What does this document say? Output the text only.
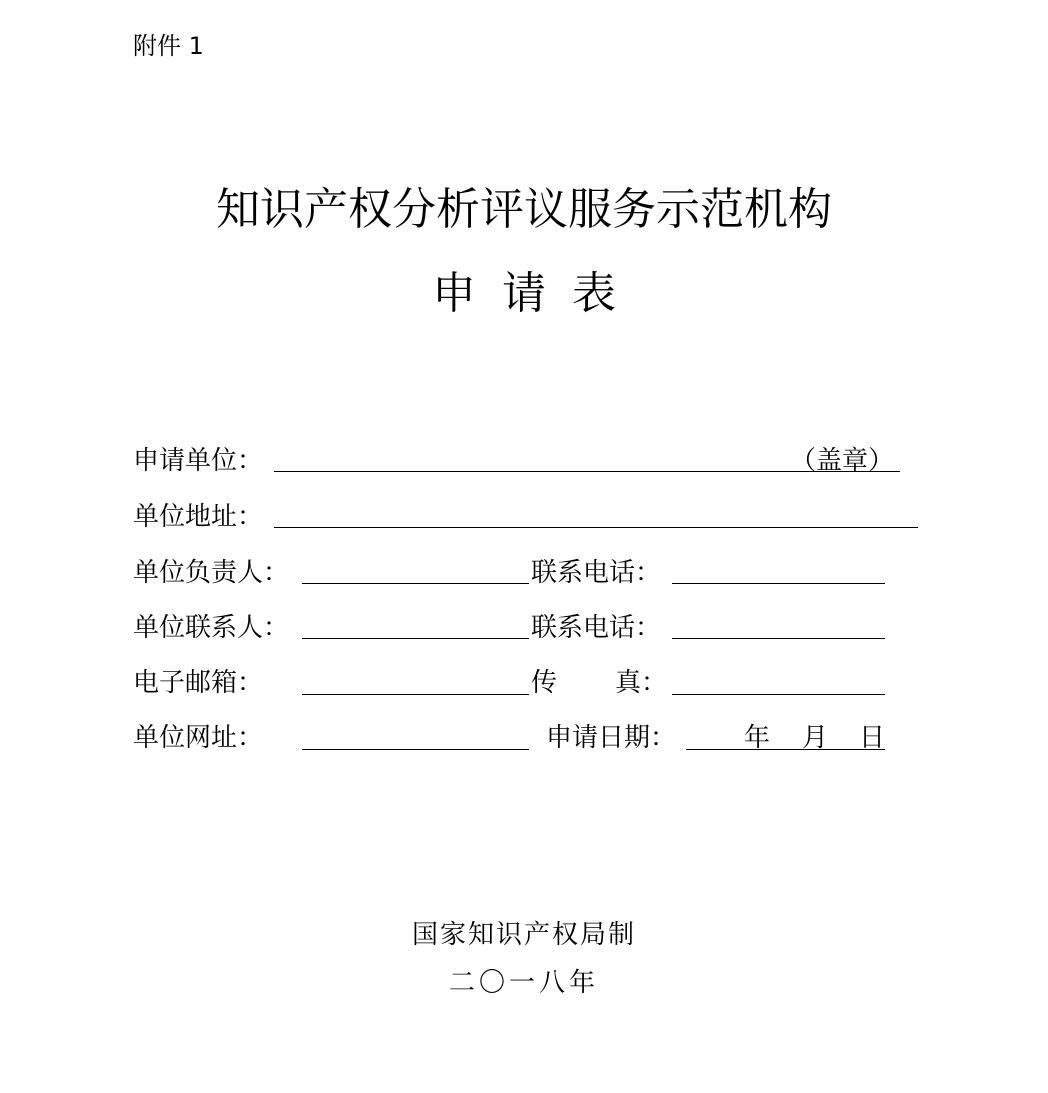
附件 1
知识产权分析评议服务示范机构
申请表
申请单位：	（盖章）
单位地址：
单位负责人：	联系电话：
单位联系人：	联系电话：
电子邮箱：	传 真：
单位网址：	申请日期：	年 月 日
国家知识产权局制
二〇一八年
